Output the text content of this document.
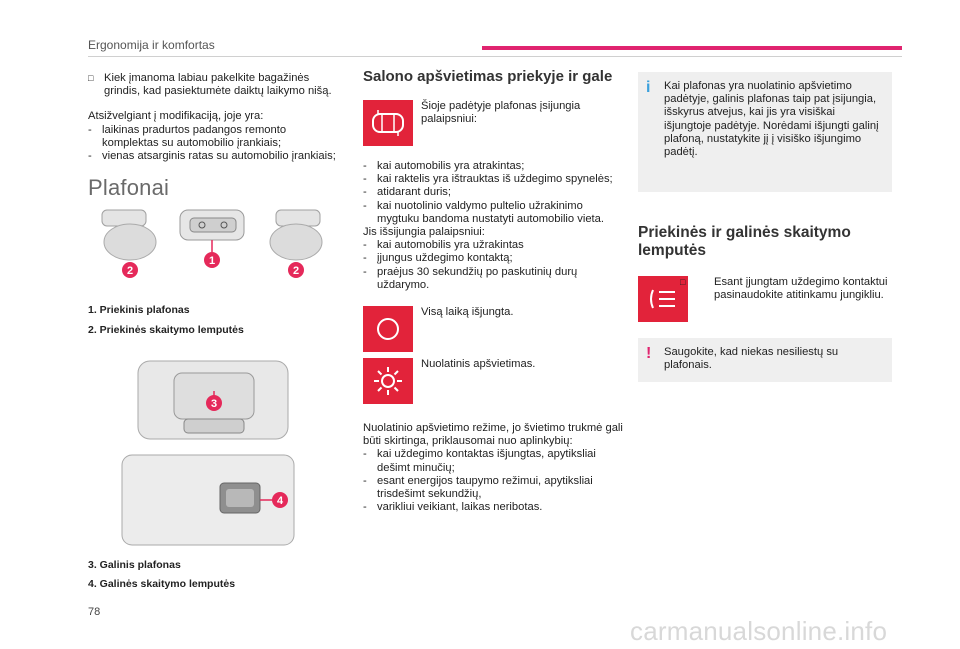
Ergonomija ir komfortas
□ Kiek įmanoma labiau pakelkite bagažinės grindis, kad pasiektumėte daiktų laikymo nišą.
Atsižvelgiant į modifikaciją, joje yra:
- laikinas pradurtos padangos remonto komplektas su automobilio įrankiais;
- vienas atsarginis ratas su automobilio įrankiais;
Plafonai
2
1
2
1. Priekinis plafonas
2. Priekinės skaitymo lemputės
3
4
3. Galinis plafonas
4. Galinės skaitymo lemputės
Salono apšvietimas priekyje ir gale
Šioje padėtyje plafonas įsijungia palaipsniui:
- kai automobilis yra atrakintas;
- kai raktelis yra ištrauktas iš uždegimo spynelės;
- atidarant duris;
- kai nuotolinio valdymo pultelio užrakinimo mygtuku bandoma nustatyti automobilio vieta.
Jis išsijungia palaipsniui:
- kai automobilis yra užrakintas
- įjungus uždegimo kontaktą;
- praėjus 30 sekundžių po paskutinių durų uždarymo.
Visą laiką išjungta.
Nuolatinis apšvietimas.
Nuolatinio apšvietimo režime, jo švietimo trukmė gali būti skirtinga, priklausomai nuo aplinkybių:
- kai uždegimo kontaktas išjungtas, apytiksliai dešimt minučių;
- esant energijos taupymo režimui, apytiksliai trisdešimt sekundžių,
- varikliui veikiant, laikas neribotas.
i Kai plafonas yra nuolatinio apšvietimo padėtyje, galinis plafonas taip pat įsijungia, išskyrus atvejus, kai jis yra visiškai išjungtoje padėtyje. Norėdami išjungti galinį plafoną, nustatykite jį į visiško išjungimo padėtį.
Priekinės ir galinės skaitymo lemputės
□	Esant įjungtam uždegimo kontaktui pasinaudokite atitinkamu jungikliu.
! Saugokite, kad niekas nesiliestų su plafonais.
78
carmanualsonline.info
